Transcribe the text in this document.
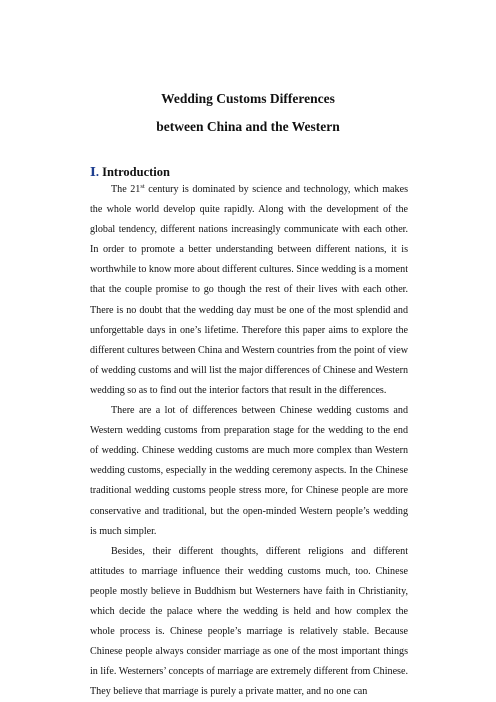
Wedding Customs Differences
between China and the Western
Ⅰ. Introduction

The 21st century is dominated by science and technology, which makes the whole world develop quite rapidly. Along with the development of the global tendency, different nations increasingly communicate with each other. In order to promote a better understanding between different nations, it is worthwhile to know more about different cultures. Since wedding is a moment that the couple promise to go though the rest of their lives with each other. There is no doubt that the wedding day must be one of the most splendid and unforgettable days in one’s lifetime. Therefore this paper aims to explore the different cultures between China and Western countries from the point of view of wedding customs and will list the major differences of Chinese and Western wedding so as to find out the interior factors that result in the differences.

There are a lot of differences between Chinese wedding customs and Western wedding customs from preparation stage for the wedding to the end of wedding. Chinese wedding customs are much more complex than Western wedding customs, especially in the wedding ceremony aspects. In the Chinese traditional wedding customs people stress more, for Chinese people are more conservative and traditional, but the open-minded Western people’s wedding is much simpler.

Besides, their different thoughts, different religions and different attitudes to marriage influence their wedding customs much, too. Chinese people mostly believe in Buddhism but Westerners have faith in Christianity, which decide the palace where the wedding is held and how complex the whole process is. Chinese people’s marriage is relatively stable. Because Chinese people always consider marriage as one of the most important things in life. Westerners’ concepts of marriage are extremely different from Chinese. They believe that marriage is purely a private matter, and no one can
